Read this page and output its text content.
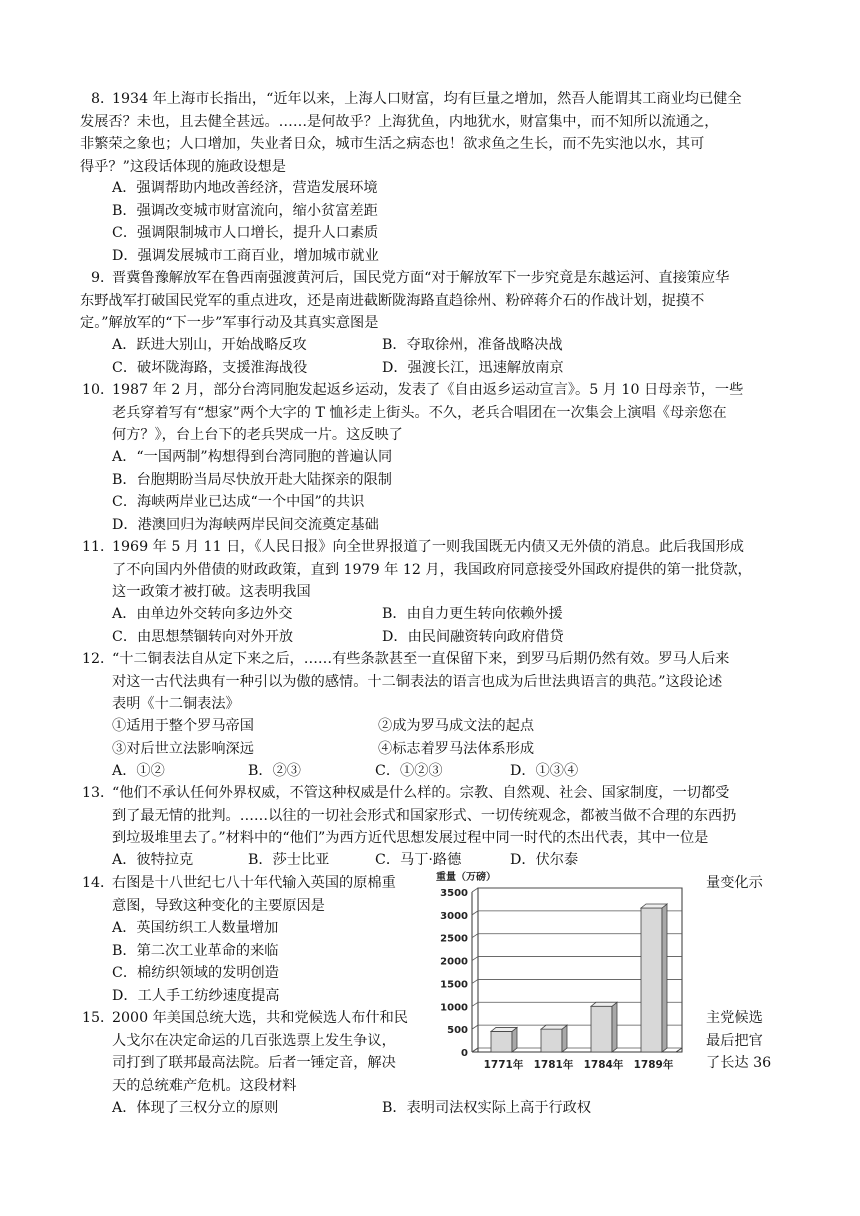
8．
1934 年上海市长指出，“近年以来，上海人口财富，均有巨量之增加，然吾人能谓其工商业均已健全
发展否？未也，且去健全甚远。……是何故乎？上海犹鱼，内地犹水，财富集中，而不知所以流通之，
非繁荣之象也；人口增加，失业者日众，城市生活之病态也！欲求鱼之生长，而不先实池以水，其可
得乎？”这段话体现的施政设想是
A．强调帮助内地改善经济，营造发展环境
B．强调改变城市财富流向，缩小贫富差距
C．强调限制城市人口增长，提升人口素质
D．强调发展城市工商百业，增加城市就业
9．
晋冀鲁豫解放军在鲁西南强渡黄河后，国民党方面“对于解放军下一步究竟是东越运河、直接策应华
东野战军打破国民党军的重点进攻，还是南进截断陇海路直趋徐州、粉碎蒋介石的作战计划，捉摸不
定。”解放军的“下一步”军事行动及其真实意图是
A．跃进大别山，开始战略反攻	B．夺取徐州，准备战略决战
C．破坏陇海路，支援淮海战役	D．强渡长江，迅速解放南京
10．
1987 年 2 月，部分台湾同胞发起返乡运动，发表了《自由返乡运动宣言》。5 月 10 日母亲节，一些
老兵穿着写有“想家”两个大字的 T 恤衫走上街头。不久，老兵合唱团在一次集会上演唱《母亲您在
何方？》，台上台下的老兵哭成一片。这反映了
A．“一国两制”构想得到台湾同胞的普遍认同
B．台胞期盼当局尽快放开赴大陆探亲的限制
C．海峡两岸业已达成“一个中国”的共识
D．港澳回归为海峡两岸民间交流奠定基础
11．
1969 年 5 月 11 日，《人民日报》向全世界报道了一则我国既无内债又无外债的消息。此后我国形成
了不向国内外借债的财政政策，直到 1979 年 12 月，我国政府同意接受外国政府提供的第一批贷款，
这一政策才被打破。这表明我国
A．由单边外交转向多边外交	B．由自力更生转向依赖外援
C．由思想禁锢转向对外开放	D．由民间融资转向政府借贷
12．
“十二铜表法自从定下来之后，……有些条款甚至一直保留下来，到罗马后期仍然有效。罗马人后来
对这一古代法典有一种引以为傲的感情。十二铜表法的语言也成为后世法典语言的典范。”这段论述
表明《十二铜表法》
①适用于整个罗马帝国	②成为罗马成文法的起点
③对后世立法影响深远	④标志着罗马法体系形成
A．①②	B．②③	C．①②③	D．①③④
13．
“他们不承认任何外界权威，不管这种权威是什么样的。宗教、自然观、社会、国家制度，一切都受
到了最无情的批判。……以往的一切社会形式和国家形式、一切传统观念，都被当做不合理的东西扔
到垃圾堆里去了。”材料中的“他们”为西方近代思想发展过程中同一时代的杰出代表，其中一位是
A．彼特拉克	B．莎士比亚	C．马丁·路德	D．伏尔泰
14．
右图是十八世纪七八十年代输入英国的原棉重
意图，导致这种变化的主要原因是
量变化示
A．英国纺织工人数量增加
B．第二次工业革命的来临
C．棉纺织领域的发明创造
D．工人手工纺纱速度提高
15．
2000 年美国总统大选，共和党候选人布什和民
人戈尔在决定命运的几百张选票上发生争议，
司打到了联邦最高法院。后者一锤定音，解决
天的总统难产危机。这段材料
主党候选
最后把官
了长达 36
A．体现了三权分立的原则	B．表明司法权实际上高于行政权
重量（万磅）
0
500
1000
1500
2000
2500
3000
3500
1771年 1781年 1784年 1789年
